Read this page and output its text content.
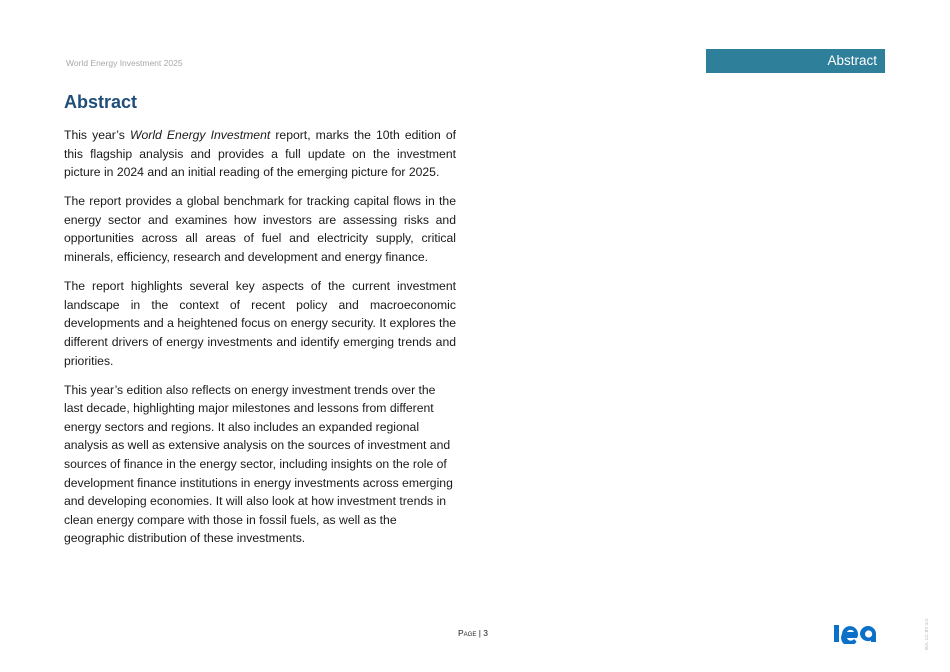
World Energy Investment 2025	Abstract
Abstract

This year’s World Energy Investment report, marks the 10th edition of this flagship analysis and provides a full update on the investment picture in 2024 and an initial reading of the emerging picture for 2025.

The report provides a global benchmark for tracking capital flows in the energy sector and examines how investors are assessing risks and opportunities across all areas of fuel and electricity supply, critical minerals, efficiency, research and development and energy finance.

The report highlights several key aspects of the current investment landscape in the context of recent policy and macroeconomic developments and a heightened focus on energy security. It explores the different drivers of energy investments and identify emerging trends and priorities.

This year’s edition also reflects on energy investment trends over the last decade, highlighting major milestones and lessons from different energy sectors and regions. It also includes an expanded regional analysis as well as extensive analysis on the sources of investment and sources of finance in the energy sector, including insights on the role of development finance institutions in energy investments across emerging and developing economies. It will also look at how investment trends in clean energy compare with those in fossil fuels, as well as the geographic distribution of these investments.

Page | 3	IEA. CC BY 4.0.
